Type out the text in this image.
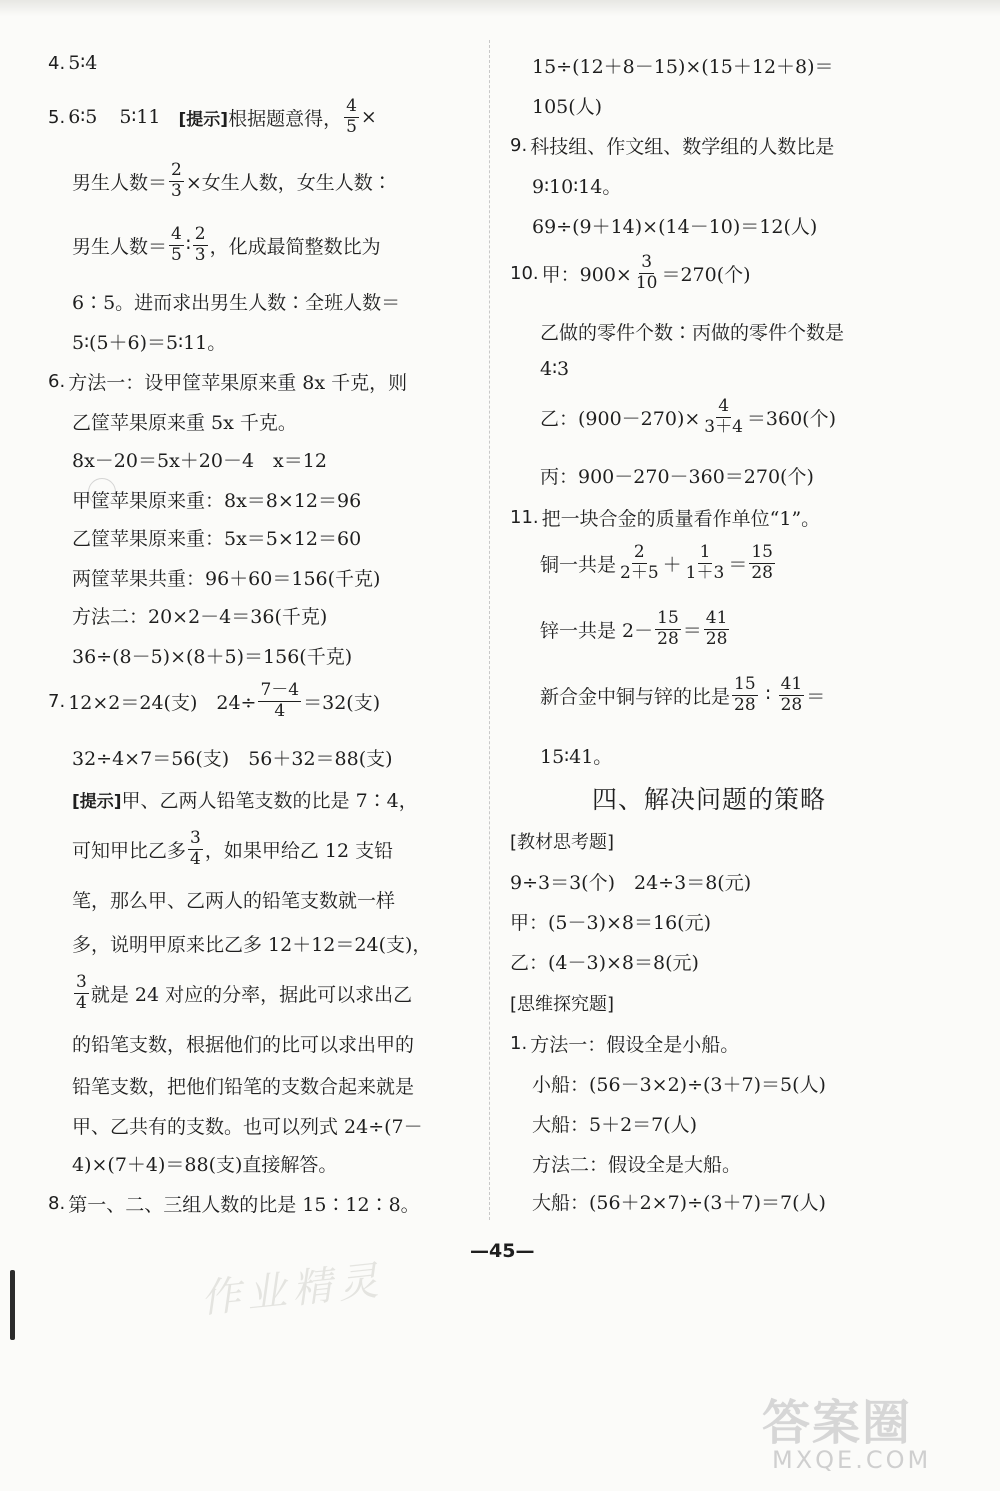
4. 5∶4
5. 6∶5 5∶11 [提示] 根据题意得， $\frac{4}{5}$ ×
男生人数＝ $\frac{2}{3}$ ×女生人数，女生人数∶
男生人数＝ $\frac{4}{5}$ ∶ $\frac{2}{3}$ ，化成最简整数比为
6∶5。进而求出男生人数∶全班人数＝
5∶(5＋6)＝5∶11。
6. 方法一：设甲筐苹果原来重 8x 千克，则
乙筐苹果原来重 5x 千克。
8x－20＝5x＋20－4　x＝12
甲筐苹果原来重：8x＝8×12＝96
乙筐苹果原来重：5x＝5×12＝60
两筐苹果共重：96＋60＝156(千克)
方法二：20×2－4＝36(千克)
36÷(8－5)×(8＋5)＝156(千克)
7. 12×2＝24(支)　$24\div \frac{7-4}{4} =32$(支)
32÷4×7＝56(支)　56＋32＝88(支)
[提示] 甲、乙两人铅笔支数的比是 7∶4，
可知甲比乙多 $\frac{3}{4}$ ，如果甲给乙 12 支铅
笔，那么甲、乙两人的铅笔支数就一样
多，说明甲原来比乙多 12＋12＝24(支)，
$\frac{3}{4}$ 就是 24 对应的分率，据此可以求出乙
的铅笔支数，根据他们的比可以求出甲的
铅笔支数，把他们铅笔的支数合起来就是
甲、乙共有的支数。也可以列式 24÷(7－
4)×(7＋4)＝88(支)直接解答。
8. 第一、二、三组人数的比是 15∶12∶8。
15÷(12＋8－15)×(15＋12＋8)＝
105(人)
9. 科技组、作文组、数学组的人数比是
9∶10∶14。
69÷(9＋14)×(14－10)＝12(人)
10. 甲：$900\times \frac{3}{10} =270$(个)
乙做的零件个数∶丙做的零件个数是
4∶3
乙：$(900-270)\times \frac{4}{3+4} =360$(个)
丙：900－270－360＝270(个)
11. 把一块合金的质量看作单位“1”。
铜一共是 $\frac{2}{2+5} + \frac{1}{1+3} = \frac{15}{28}$
锌一共是 $2- \frac{15}{28} = \frac{41}{28}$
新合金中铜与锌的比是 $\frac{15}{28}$ ∶ $\frac{41}{28}$ ＝
15∶41。
四、解决问题的策略
[教材思考题]
9÷3＝3(个)　24÷3＝8(元)
甲：(5－3)×8＝16(元)
乙：(4－3)×8＝8(元)
[思维探究题]
1. 方法一：假设全是小船。
小船：(56－3×2)÷(3＋7)＝5(人)
大船：5＋2＝7(人)
方法二：假设全是大船。
大船：(56＋2×7)÷(3＋7)＝7(人)
—45—
作业精灵
答案圈
MXQE.COM
